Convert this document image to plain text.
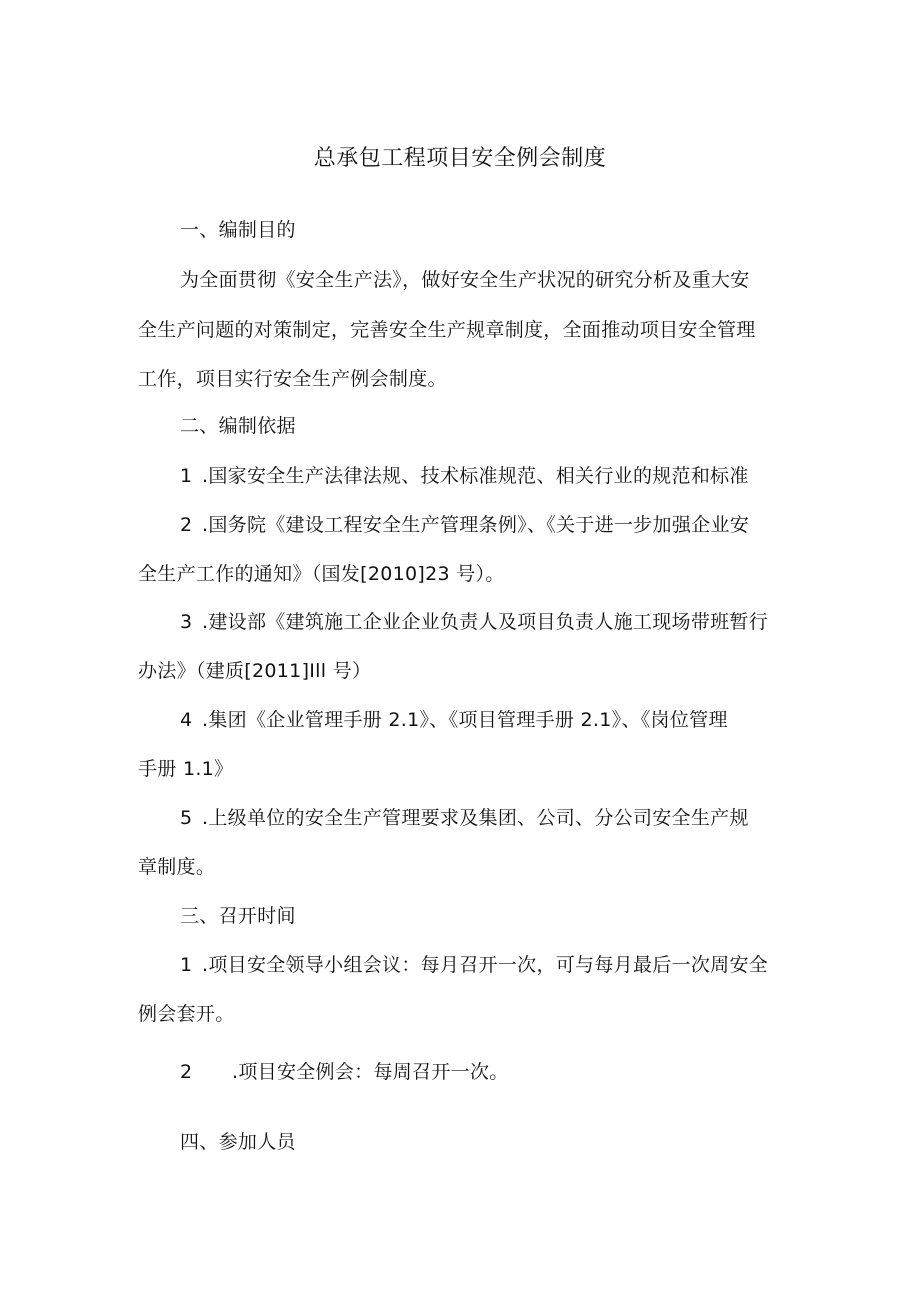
总承包工程项目安全例会制度
一、编制目的
为全面贯彻《安全生产法》，做好安全生产状况的研究分析及重大安
全生产问题的对策制定，完善安全生产规章制度，全面推动项目安全管理
工作，项目实行安全生产例会制度。
二、编制依据
1 .国家安全生产法律法规、技术标准规范、相关行业的规范和标准
2 .国务院《建设工程安全生产管理条例》、《关于进一步加强企业安
全生产工作的通知》（国发[2010]23 号）。
3 .建设部《建筑施工企业企业负责人及项目负责人施工现场带班暂行
办法》（建质[2011]Ill 号）
4 .集团《企业管理手册 2.1》、《项目管理手册 2.1》、《岗位管理
手册 1.1》
5 .上级单位的安全生产管理要求及集团、公司、分公司安全生产规
章制度。
三、召开时间
1 .项目安全领导小组会议：每月召开一次，可与每月最后一次周安全
例会套开。
2 .项目安全例会：每周召开一次。
四、参加人员
